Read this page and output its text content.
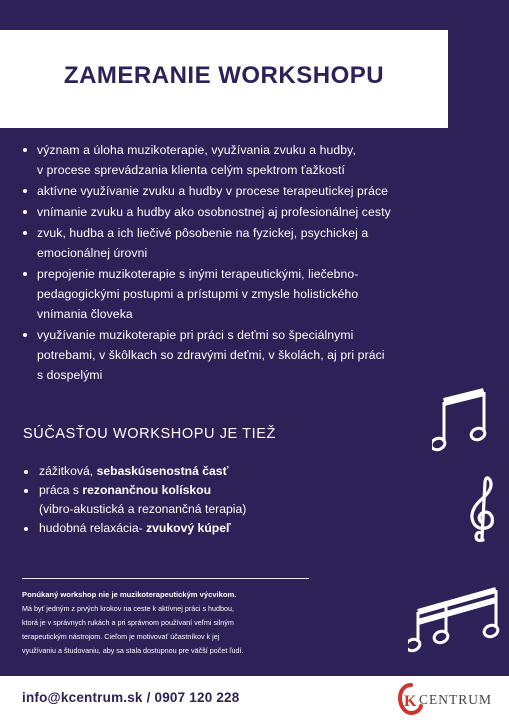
ZAMERANIE WORKSHOPU
význam a úloha muzikoterapie, využívania zvuku a hudby,
v procese sprevádzania klienta celým spektrom ťažkostí
aktívne využívanie zvuku a hudby v procese terapeutickej práce
vnímanie zvuku a hudby ako osobnostnej aj profesionálnej cesty
zvuk, hudba a ich liečivé pôsobenie na fyzickej, psychickej a
emocionálnej úrovni
prepojenie muzikoterapie s inými terapeutickými, liečebno-
pedagogickými postupmi a prístupmi v zmysle holistického
vnímania človeka
využívanie muzikoterapie pri práci s deťmi so špeciálnymi
potrebami, v škôlkach so zdravými deťmi, v školách, aj pri práci
s dospelými
SÚČASŤOU WORKSHOPU JE TIEŽ
zážitková, sebaskúsenostná časť
práca s rezonančnou kolískou
(vibro-akustická a rezonančná terapia)
hudobná relaxácia- zvukový kúpeľ

Ponúkaný workshop nie je muzikoterapeutickým výcvikom.

Má byť jedným z prvých krokov na ceste k aktívnej práci s hudbou,
ktorá je v správnych rukách a pri správnom používaní veľmi silným
terapeutickým nástrojom. Cieľom je motivovať účastníkov k jej
využívaniu a študovaniu, aby sa stala dostupnou pre väčší počet ľudí.

info@kcentrum.sk / 0907 120 228	K CENTRUM
